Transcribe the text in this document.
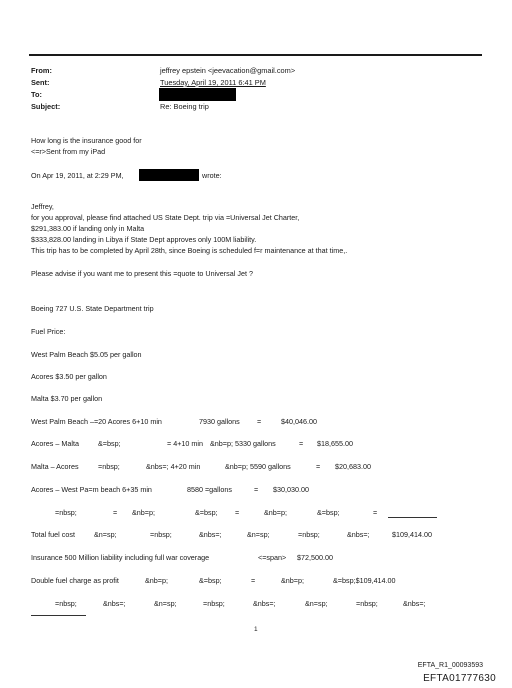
From:	jeffrey epstein <jeevacation@gmail.com>
Sent:	Tuesday, April 19, 2011 6:41 PM
To:
Subject:	Re: Boeing trip
How long is the insurance good for
<=r>Sent from my iPad
On Apr 19, 2011, at 2:29 PM,	wrote:
Jeffrey,
for you approval, please find attached US State Dept. trip via =Universal Jet Charter,
$291,383.00 if landing only in Malta
$333,828.00 landing in Libya if State Dept approves only 100M liability.
This trip has to be completed by April 28th, since Boeing is scheduled f=r maintenance at that time,.
Please advise if you want me to present this =quote to Universal Jet ?
Boeing 727 U.S. State Department trip
Fuel Price:
West Palm Beach $5.05 per gallon
Acores $3.50 per gallon
Malta $3.70 per gallon
West Palm Beach –=20 Acores 6+10 min	7930 gallons =	$40,046.00
Acores – Malta	&=bsp;	= 4+10 min &nb=p; 5330 gallons	= $18,655.00
Malta – Acores	=nbsp;	&nbs=; 4+20 min	&nb=p; 5590 gallons	= $20,683.00
Acores – West Pa=m beach 6+35 min	8580 =gallons	= $30,030.00
=nbsp;	= &nb=p;	&=bsp; =	&nb=p;	&=bsp;	=
Total fuel cost	&n=sp;	=nbsp;	&nbs=;	&n=sp;	=nbsp;	&nbs=;	$109,414.00
Insurance 500 Million liability including full war coverage	<=span> $72,500.00
Double fuel charge as profit	&nb=p;	&=bsp;	=	&nb=p;	&=bsp;$109,414.00
=nbsp;	&nbs=;	&n=sp;	=nbsp;	&nbs=;	&n=sp;	=nbsp;	&nbs=;
1
EFTA_R1_00093593
EFTA01777630
